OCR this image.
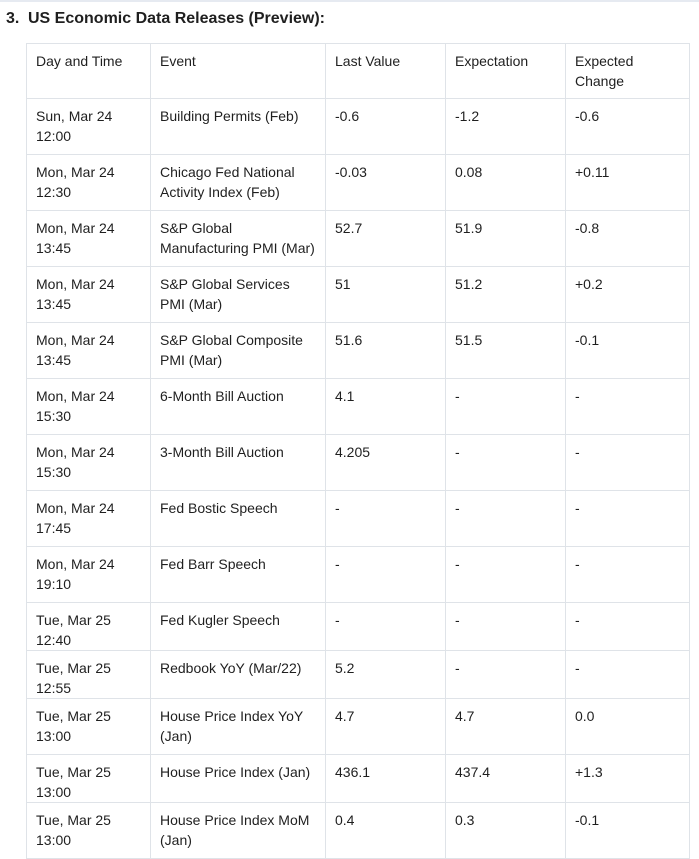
3. US Economic Data Releases (Preview):
Day and Time	Event	Last Value	Expectation	Expected Change
Sun, Mar 24 12:00	Building Permits (Feb)	-0.6	-1.2	-0.6
Mon, Mar 24 12:30	Chicago Fed National Activity Index (Feb)	-0.03	0.08	+0.11
Mon, Mar 24 13:45	S&P Global Manufacturing PMI (Mar)	52.7	51.9	-0.8
Mon, Mar 24 13:45	S&P Global Services PMI (Mar)	51	51.2	+0.2
Mon, Mar 24 13:45	S&P Global Composite PMI (Mar)	51.6	51.5	-0.1
Mon, Mar 24 15:30	6-Month Bill Auction	4.1	-	-
Mon, Mar 24 15:30	3-Month Bill Auction	4.205	-	-
Mon, Mar 24 17:45	Fed Bostic Speech	-	-	-
Mon, Mar 24 19:10	Fed Barr Speech	-	-	-
Tue, Mar 25 12:40	Fed Kugler Speech	-	-	-
Tue, Mar 25 12:55	Redbook YoY (Mar/22)	5.2	-	-
Tue, Mar 25 13:00	House Price Index YoY (Jan)	4.7	4.7	0.0
Tue, Mar 25 13:00	House Price Index (Jan)	436.1	437.4	+1.3
Tue, Mar 25 13:00	House Price Index MoM (Jan)	0.4	0.3	-0.1
